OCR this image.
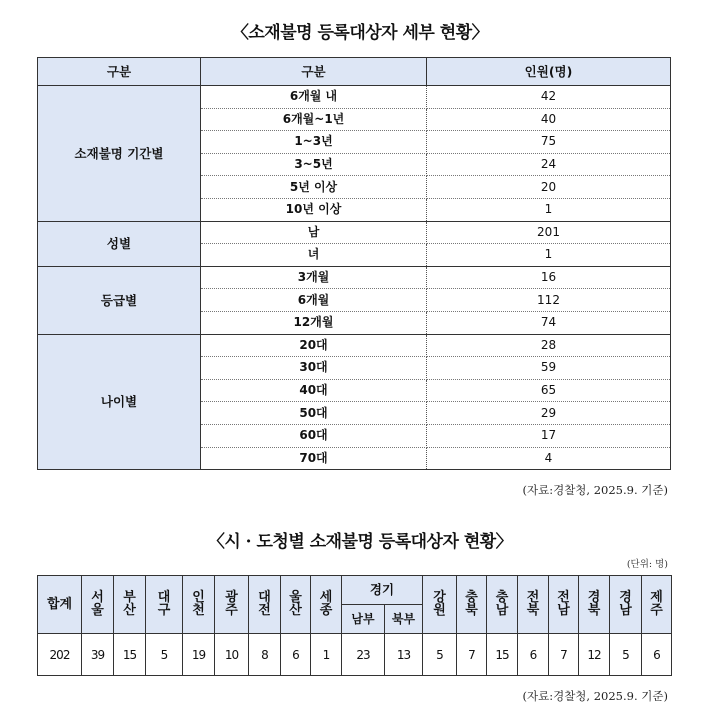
〈소재불명 등록대상자 세부 현황〉
구분	구분	인원(명)
소재불명 기간별	6개월 내	42
	6개월~1년	40
	1~3년	75
	3~5년	24
	5년 이상	20
	10년 이상	1
성별	남	201
	녀	1
등급별	3개월	16
	6개월	112
	12개월	74
나이별	20대	28
	30대	59
	40대	65
	50대	29
	60대	17
	70대	4
(자료:경찰청, 2025.9. 기준)
〈시 · 도청별 소재불명 등록대상자 현황〉
(단위: 명)
합계	서울	부산	대구	인천	광주	대전	울산	세종	경기		강원	충북	충남	전북	전남	경북	경남	제주
									남부	북부								
202	39	15	5	19	10	8	6	1	23	13	5	7	15	6	7	12	5	6
(자료:경찰청, 2025.9. 기준)
